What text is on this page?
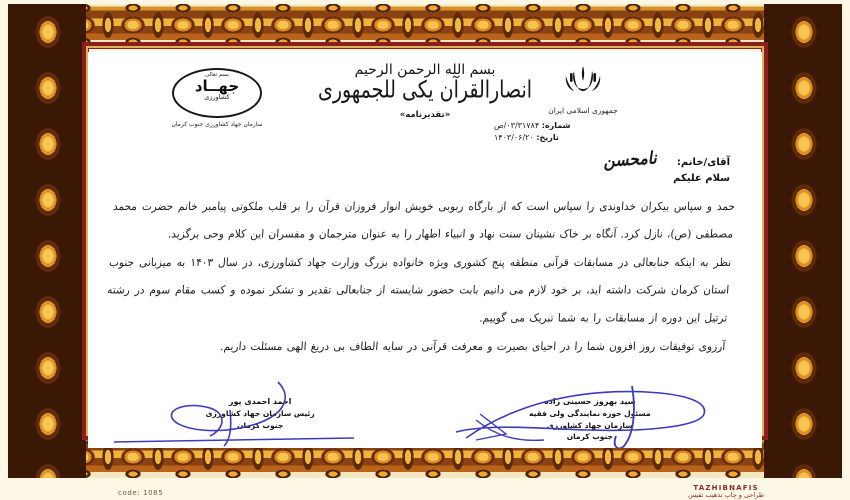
جمهوری اسلامی ایران
شماره: ۰۳/۳۱۷۸۴/ص
تاریخ: ۱۴۰۳/۰۶/۲۰
بسم الله الرحمن الرحیم
انصارالقرآن یکی للجمهوری
«تقدیرنامه»
بسم تعالی
جهــاد
کشاورزی
سازمان جهاد کشاورزی جنوب کرمان
آقای/خانم: نامحسن
سلام علیکم

حمد و سپاس بیکران خداوندی را سپاس است که از بارگاه ربوبی خویش انوار فروزان قرآن را بر قلب ملکوتی پیامبر خاتم حضرت محمد مصطفی (ص)، نازل کرد. آنگاه بر خاک نشینان سنت نهاد و انبیاء اطهار را به عنوان مترجمان و مفسران این کلام وحی برگزید.

نظر به اینکه جنابعالی در مسابقات قرآنی منطقه پنج کشوری ویژه خانواده بزرگ وزارت جهاد کشاورزی، در سال ۱۴۰۳ به میزبانی جنوب استان کرمان شرکت داشته اید، بر خود لازم می دانیم بابت حضور شایسته از جنابعالی تقدیر و تشکر نموده و کسب مقام سوم در رشته ترتیل این دوره از مسابقات را به شما تبریک می گوییم.

آرزوی توفیقات روز افزون شما را در احیای بصیرت و معرفت قرآنی در سایه الطاف بی دریغ الهی مسئلت داریم.

سید بهروز حسینی زاده
مسئول حوزه نمایندگی ولی فقیه
سازمان جهاد کشاورزی
جنوب کرمان
احمد احمدی پور
رئیس سازمان جهاد کشاورزی
جنوب کرمان
code: 1085
TAZHIBNAFIS
طراحی و چاپ تذهیب نفیس
